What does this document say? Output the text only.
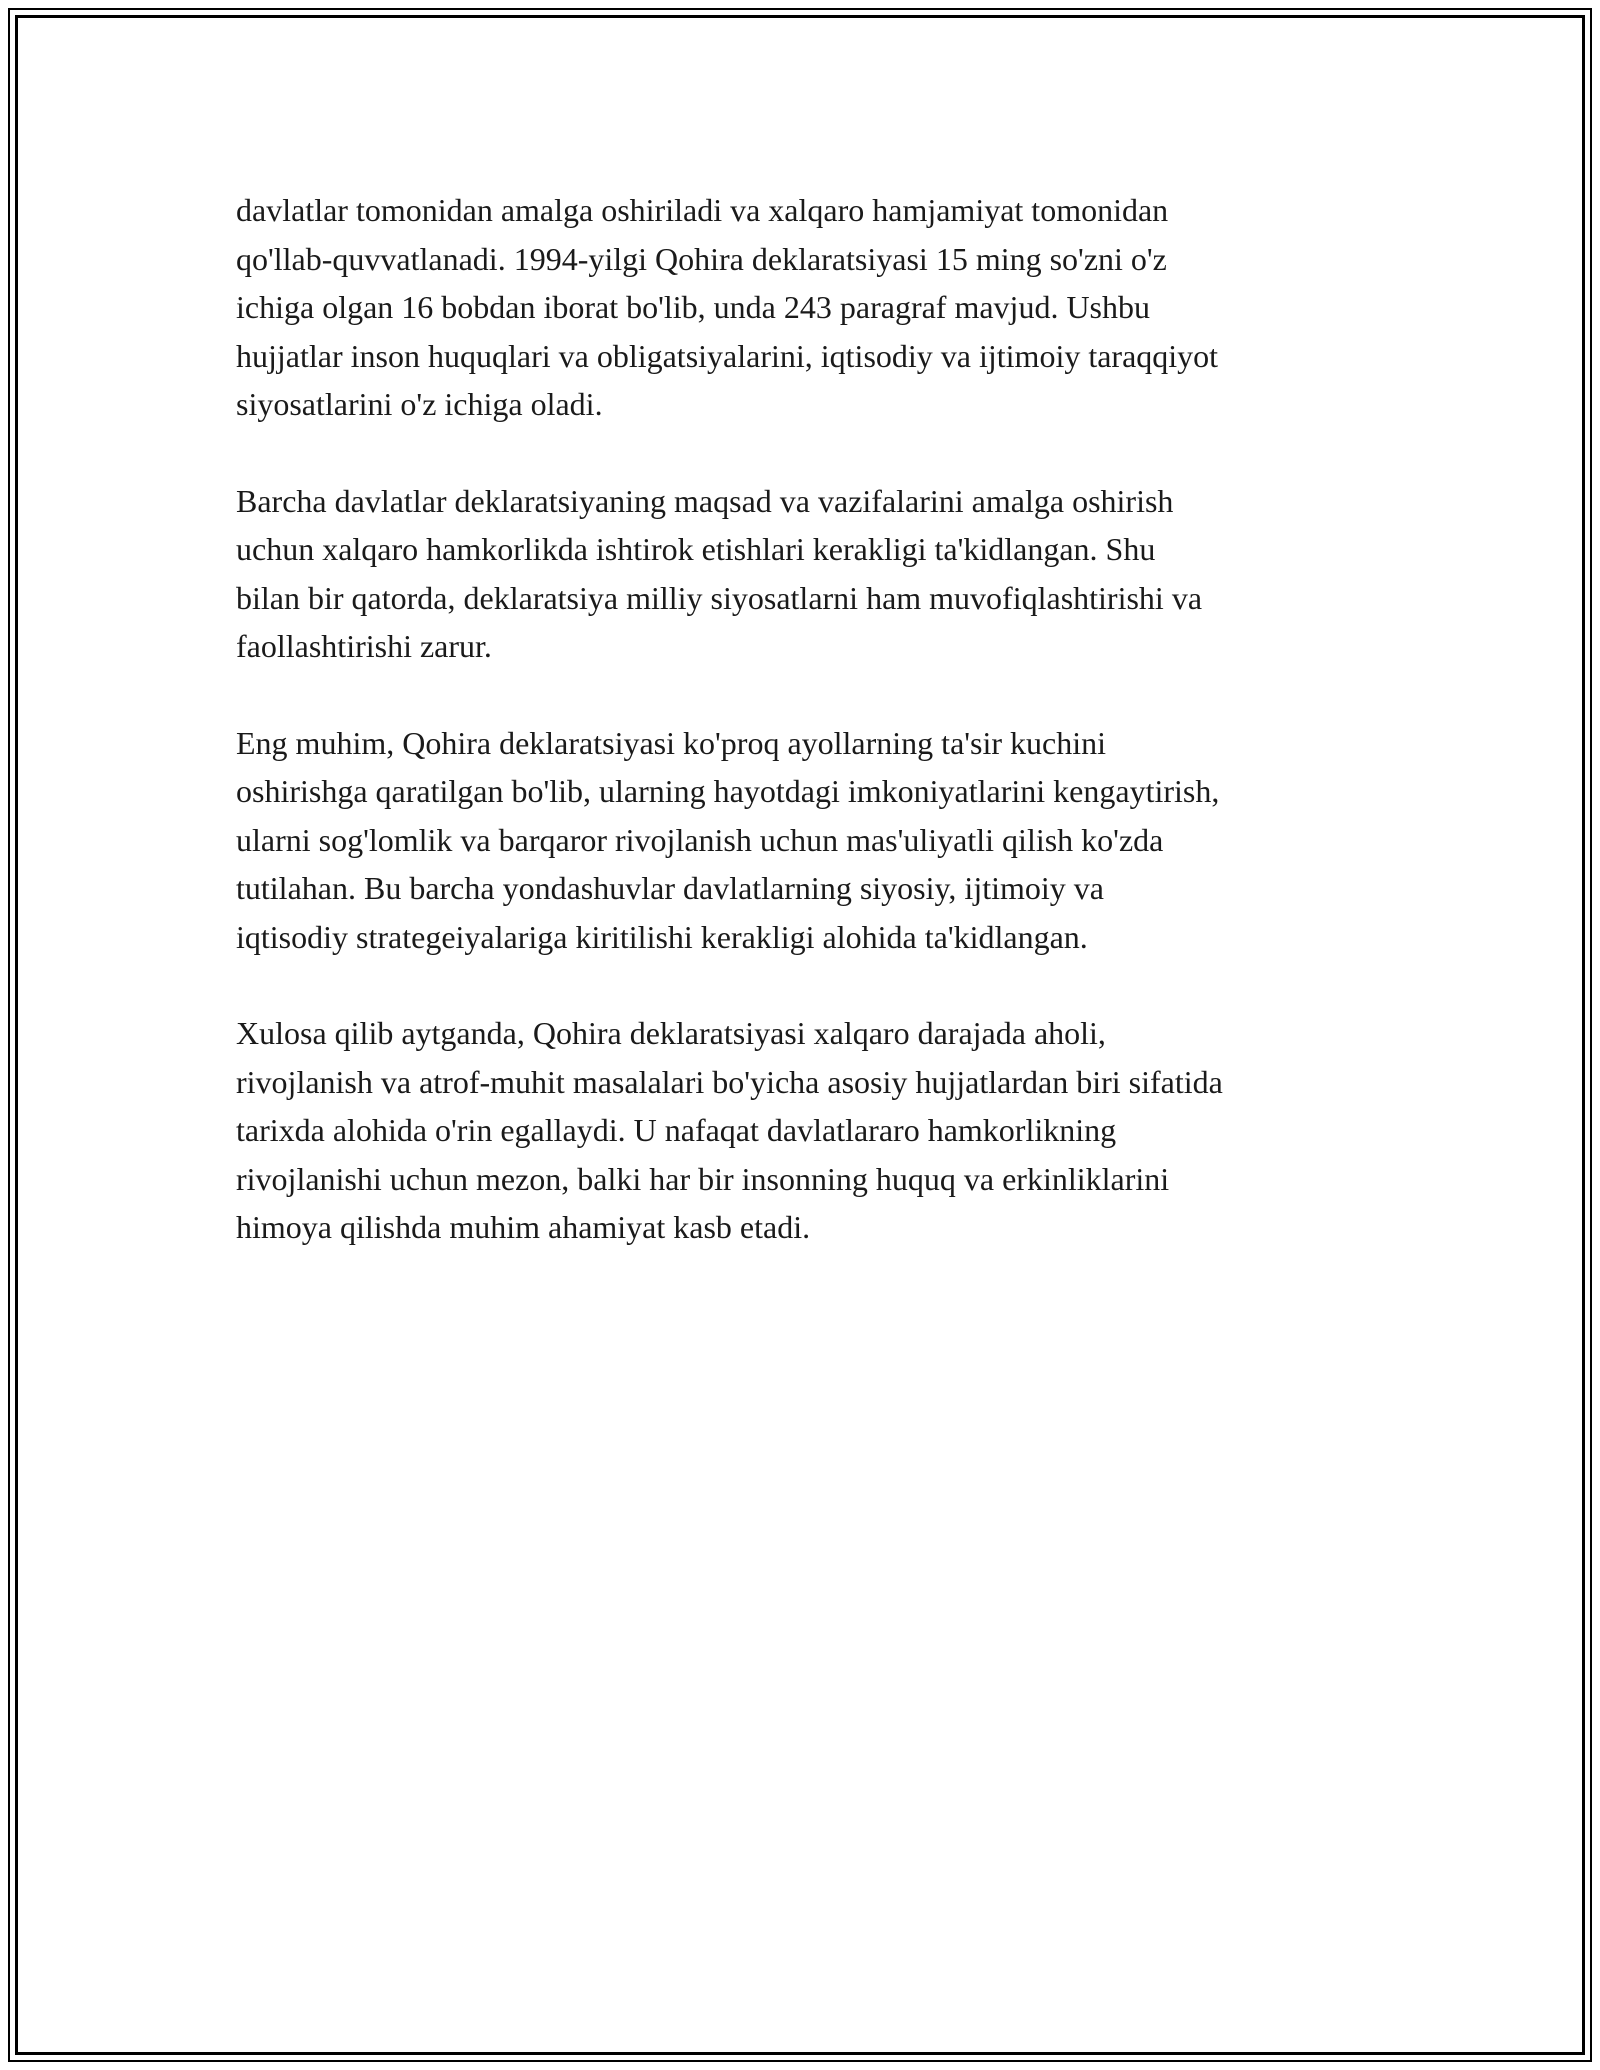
davlatlar tomonidan amalga oshiriladi va xalqaro hamjamiyat tomonidan
qo'llab-quvvatlanadi. 1994-yilgi Qohira deklaratsiyasi 15 ming so'zni o'z
ichiga olgan 16 bobdan iborat bo'lib, unda 243 paragraf mavjud. Ushbu
hujjatlar inson huquqlari va obligatsiyalarini, iqtisodiy va ijtimoiy taraqqiyot
siyosatlarini o'z ichiga oladi.

Barcha davlatlar deklaratsiyaning maqsad va vazifalarini amalga oshirish
uchun xalqaro hamkorlikda ishtirok etishlari kerakligi ta'kidlangan. Shu
bilan bir qatorda, deklaratsiya milliy siyosatlarni ham muvofiqlashtirishi va
faollashtirishi zarur.

Eng muhim, Qohira deklaratsiyasi ko'proq ayollarning ta'sir kuchini
oshirishga qaratilgan bo'lib, ularning hayotdagi imkoniyatlarini kengaytirish,
ularni sog'lomlik va barqaror rivojlanish uchun mas'uliyatli qilish ko'zda
tutilahan. Bu barcha yondashuvlar davlatlarning siyosiy, ijtimoiy va
iqtisodiy strategeiyalariga kiritilishi kerakligi alohida ta'kidlangan.

Xulosa qilib aytganda, Qohira deklaratsiyasi xalqaro darajada aholi,
rivojlanish va atrof-muhit masalalari bo'yicha asosiy hujjatlardan biri sifatida
tarixda alohida o'rin egallaydi. U nafaqat davlatlararo hamkorlikning
rivojlanishi uchun mezon, balki har bir insonning huquq va erkinliklarini
himoya qilishda muhim ahamiyat kasb etadi.
